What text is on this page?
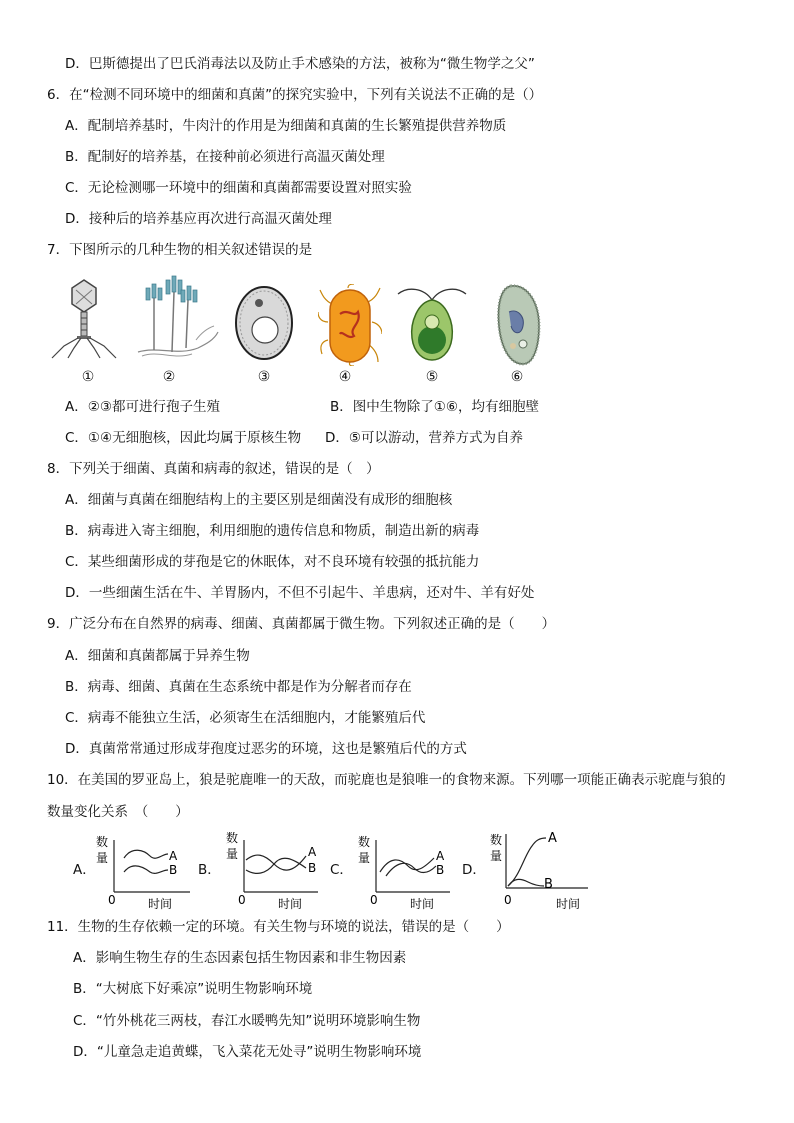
D．巴斯德提出了巴氏消毒法以及防止手术感染的方法，被称为“微生物学之父”
6．在“检测不同环境中的细菌和真菌”的探究实验中，下列有关说法不正确的是（）
A．配制培养基时，牛肉汁的作用是为细菌和真菌的生长繁殖提供营养物质
B．配制好的培养基，在接种前必须进行高温灭菌处理
C．无论检测哪一环境中的细菌和真菌都需要设置对照实验
D．接种后的培养基应再次进行高温灭菌处理
7．下图所示的几种生物的相关叙述错误的是
①	②	③	④	⑤	⑥
A．②③都可进行孢子生殖	B．图中生物除了①⑥，均有细胞壁
C．①④无细胞核，因此均属于原核生物 D．⑤可以游动，营养方式为自养
8．下列关于细菌、真菌和病毒的叙述，错误的是（　）
A．细菌与真菌在细胞结构上的主要区别是细菌没有成形的细胞核
B．病毒进入寄主细胞，利用细胞的遗传信息和物质，制造出新的病毒
C．某些细菌形成的芽孢是它的休眠体，对不良环境有较强的抵抗能力
D．一些细菌生活在牛、羊胃肠内，不但不引起牛、羊患病，还对牛、羊有好处
9．广泛分布在自然界的病毒、细菌、真菌都属于微生物。下列叙述正确的是（　　）
A．细菌和真菌都属于异养生物
B．病毒、细菌、真菌在生态系统中都是作为分解者而存在
C．病毒不能独立生活，必须寄生在活细胞内，才能繁殖后代
D．真菌常常通过形成芽孢度过恶劣的环境，这也是繁殖后代的方式
10．在美国的罗亚岛上，狼是驼鹿唯一的天敌，而驼鹿也是狼唯一的食物来源。下列哪一项能正确表示驼鹿与狼的
数量变化关系　（　　）
A．	B．	C．	D．
数
量
0	时间
A
B
数
量
0	时间
A
B
数
量
0	时间
A
B
数
量
0	时间
A
B
11．生物的生存依赖一定的环境。有关生物与环境的说法，错误的是（　　）
A．影响生物生存的生态因素包括生物因素和非生物因素
B．“大树底下好乘凉”说明生物影响环境
C．“竹外桃花三两枝，春江水暖鸭先知”说明环境影响生物
D．“儿童急走追黄蝶，飞入菜花无处寻”说明生物影响环境
